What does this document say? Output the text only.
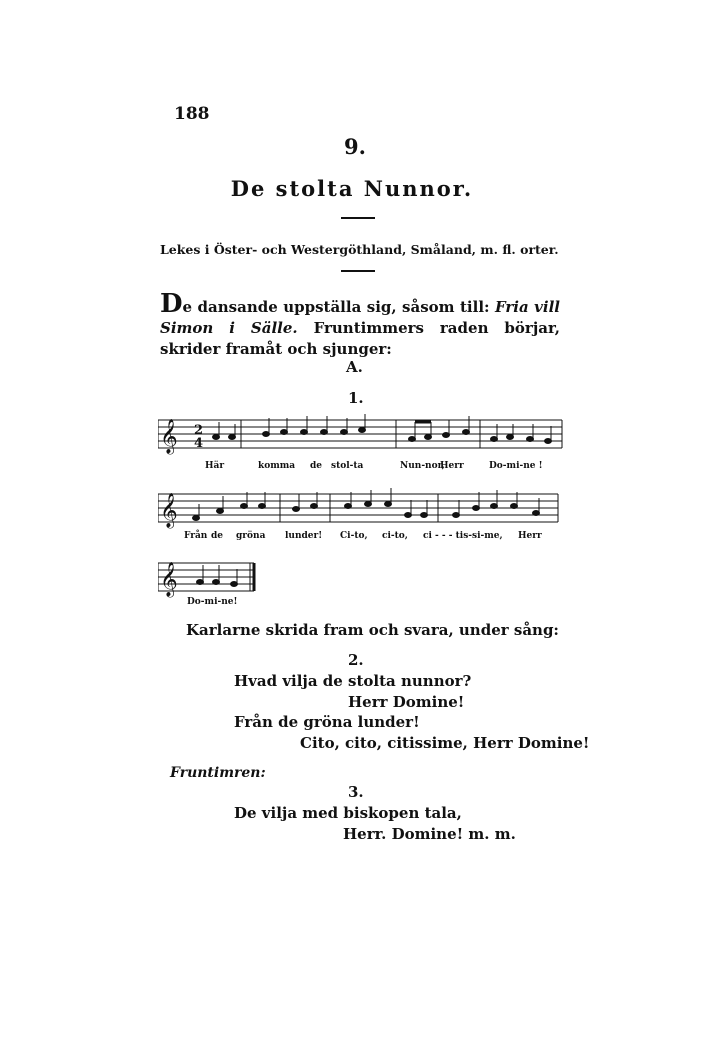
188
9.
De stolta Nunnor.
Lekes i Öster- och Westergöthland, Småland, m. fl. orter.
De dansande uppställa sig, såsom till: Fria vill Simon i Sälle. Fruntimmers raden börjar, skrider framåt och sjunger:
A.
1.
𝄞 2
4
Här	komma de stol-ta	Nun-nor,
Herr	Do-mi-ne !
𝄞
Från de gröna lunder! Ci-to, ci-to, ci - - - tis-si-me, Herr
𝄞
Do-mi-ne!
Karlarne skrida fram och svara, under sång:
2.
Hvad vilja de stolta nunnor?
Herr Domine!
Från de gröna lunder!
Cito, cito, citissime, Herr Domine!
Fruntimren:
3.
De vilja med biskopen tala,
Herr. Domine! m. m.
